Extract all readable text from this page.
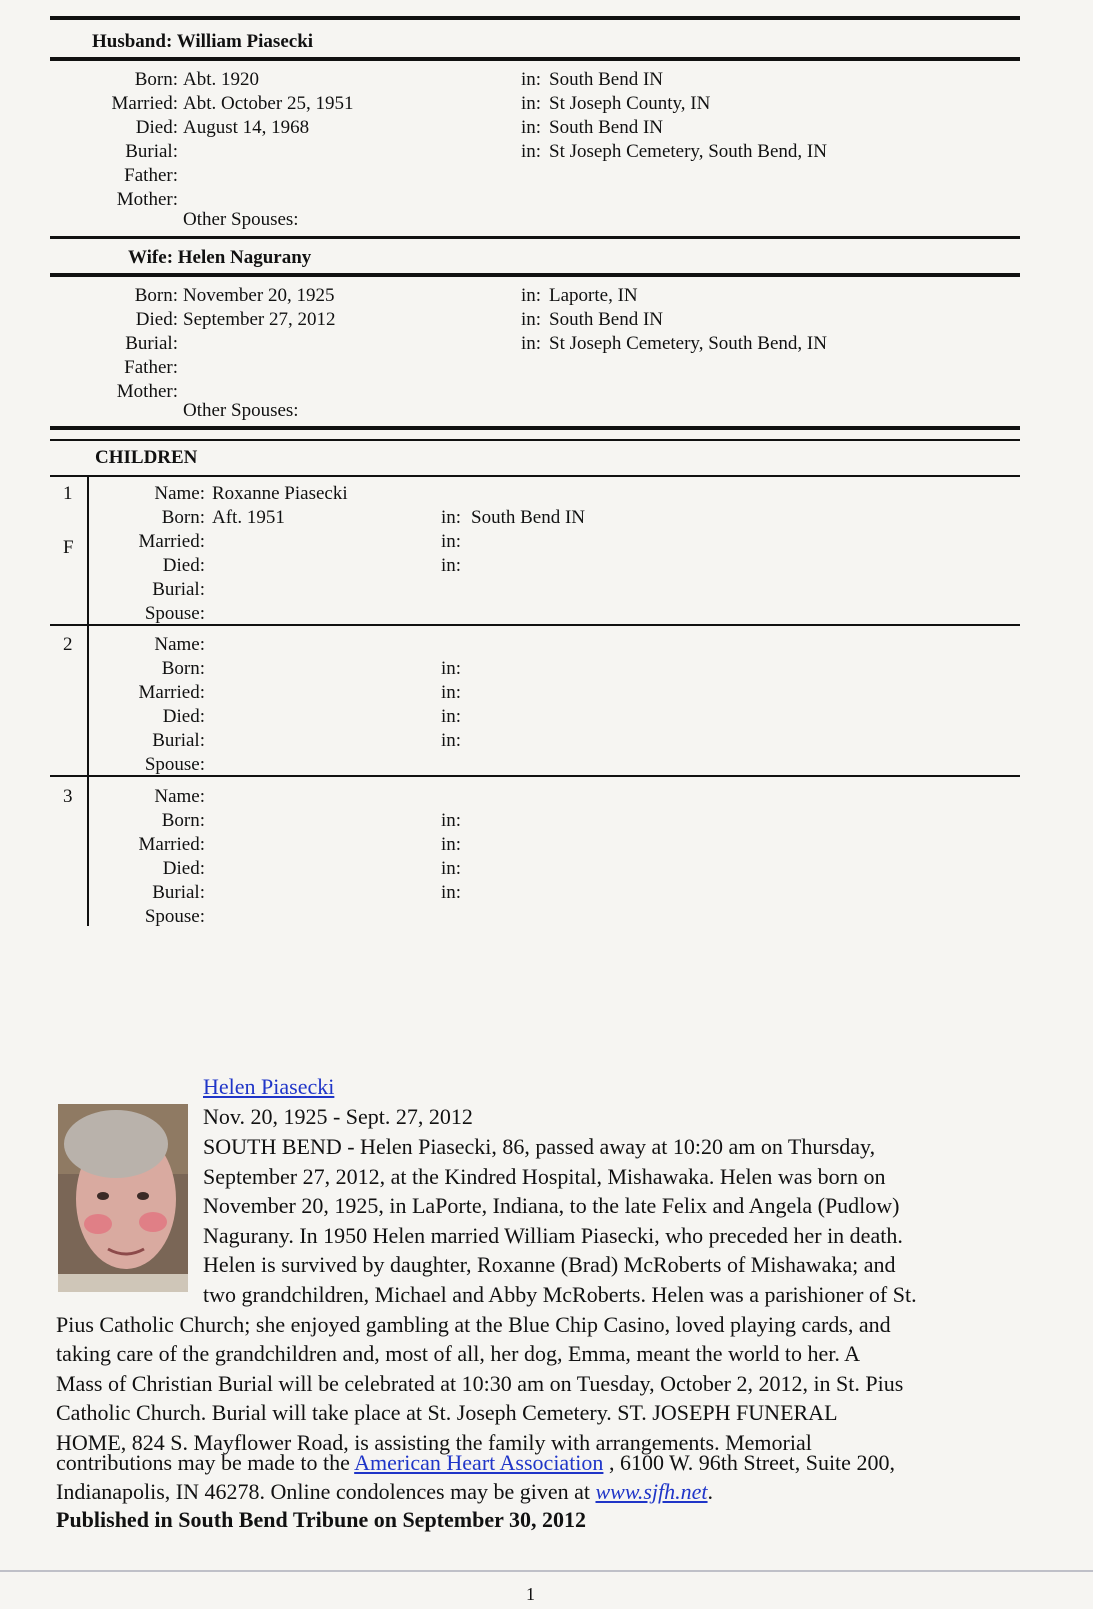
Husband: William Piasecki
Born: Abt. 1920	in: South Bend IN
Married: Abt. October 25, 1951	in: St Joseph County, IN
Died: August 14, 1968	in: South Bend IN
Burial:	in: St Joseph Cemetery, South Bend, IN
Father:
Mother:
Other Spouses:
Wife: Helen Nagurany
Born: November 20, 1925	in: Laporte, IN
Died: September 27, 2012	in: South Bend IN
Burial:	in: St Joseph Cemetery, South Bend, IN
Father:
Mother:
Other Spouses:
CHILDREN
1
F
Name: Roxanne Piasecki
Born: Aft. 1951	in: South Bend IN
Married:	in:
Died:	in:
Burial:
Spouse:
2	Name:
Born:	in:
Married:	in:
Died:	in:
Burial:	in:
Spouse:
3	Name:
Born:	in:
Married:	in:
Died:	in:
Burial:	in:
Spouse:
Helen Piasecki
Nov. 20, 1925 - Sept. 27, 2012
SOUTH BEND - Helen Piasecki, 86, passed away at 10:20 am on Thursday,
September 27, 2012, at the Kindred Hospital, Mishawaka. Helen was born on
November 20, 1925, in LaPorte, Indiana, to the late Felix and Angela (Pudlow)
Nagurany. In 1950 Helen married William Piasecki, who preceded her in death.
Helen is survived by daughter, Roxanne (Brad) McRoberts of Mishawaka; and
two grandchildren, Michael and Abby McRoberts. Helen was a parishioner of St.
Pius Catholic Church; she enjoyed gambling at the Blue Chip Casino, loved playing cards, and
taking care of the grandchildren and, most of all, her dog, Emma, meant the world to her. A
Mass of Christian Burial will be celebrated at 10:30 am on Tuesday, October 2, 2012, in St. Pius
Catholic Church. Burial will take place at St. Joseph Cemetery. ST. JOSEPH FUNERAL
HOME, 824 S. Mayflower Road, is assisting the family with arrangements. Memorial
contributions may be made to the American Heart Association , 6100 W. 96th Street, Suite 200,
Indianapolis, IN 46278. Online condolences may be given at www.sjfh.net.
Published in South Bend Tribune on September 30, 2012
1
